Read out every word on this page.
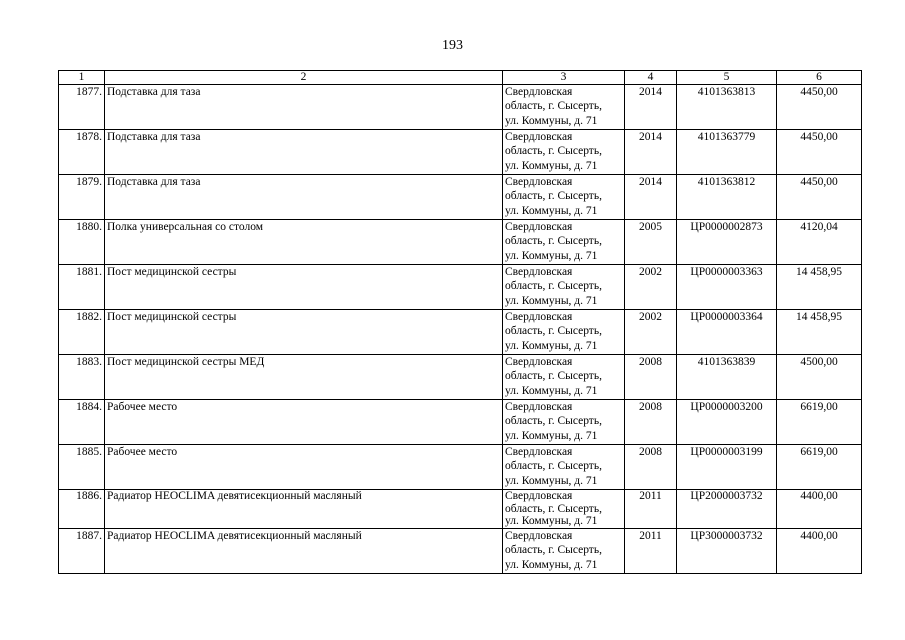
193
1	2	3	4	5	6
1877.	Подставка для таза	Свердловская
область, г. Сысерть,
ул. Коммуны, д. 71	2014	4101363813	4450,00
1878.	Подставка для таза	Свердловская
область, г. Сысерть,
ул. Коммуны, д. 71	2014	4101363779	4450,00
1879.	Подставка для таза	Свердловская
область, г. Сысерть,
ул. Коммуны, д. 71	2014	4101363812	4450,00
1880.	Полка универсальная со столом	Свердловская
область, г. Сысерть,
ул. Коммуны, д. 71	2005	ЦР0000002873	4120,04
1881.	Пост медицинской сестры	Свердловская
область, г. Сысерть,
ул. Коммуны, д. 71	2002	ЦР0000003363	14 458,95
1882.	Пост медицинской сестры	Свердловская
область, г. Сысерть,
ул. Коммуны, д. 71	2002	ЦР0000003364	14 458,95
1883.	Пост медицинской сестры МЕД	Свердловская
область, г. Сысерть,
ул. Коммуны, д. 71	2008	4101363839	4500,00
1884.	Рабочее место	Свердловская
область, г. Сысерть,
ул. Коммуны, д. 71	2008	ЦР0000003200	6619,00
1885.	Рабочее место	Свердловская
область, г. Сысерть,
ул. Коммуны, д. 71	2008	ЦР0000003199	6619,00
1886.	Радиатор НЕОCLIMA девятисекционный масляный	Свердловская
область, г. Сысерть,
ул. Коммуны, д. 71	2011	ЦР2000003732	4400,00
1887.	Радиатор НЕОCLIMA девятисекционный масляный	Свердловская
область, г. Сысерть,
ул. Коммуны, д. 71	2011	ЦР3000003732	4400,00
